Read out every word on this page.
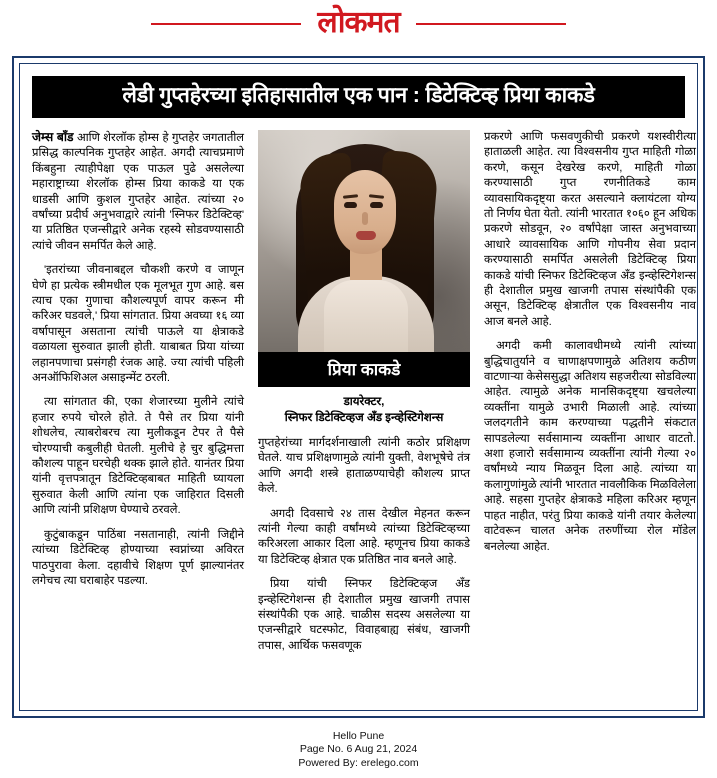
लोकमत
लेडी गुप्तहेरच्या इतिहासातील एक पान : डिटेक्टिव्ह प्रिया काकडे

जेम्स बाँड आणि शेरलॉक होम्स हे गुप्तहेर जगतातील प्रसिद्ध काल्पनिक गुप्तहेर आहेत. अगदी त्याचप्रमाणे किंबहुना त्याहीपेक्षा एक पाऊल पुढे असलेल्या महाराष्ट्राच्या शेरलॉक होम्स प्रिया काकडे या एक धाडसी आणि कुशल गुप्तहेर आहेत. त्यांच्या २० वर्षांच्या प्रदीर्घ अनुभवाद्वारे त्यांनी 'स्निफर डिटेक्टिव्ह' या प्रतिष्ठित एजन्सीद्वारे अनेक रहस्ये सोडवण्यासाठी त्यांचे जीवन समर्पित केले आहे.

'इतरांच्या जीवनाबद्दल चौकशी करणे व जाणून घेणे हा प्रत्येक स्त्रीमधील एक मूलभूत गुण आहे. बस त्याच एका गुणाचा कौशल्यपूर्ण वापर करून मी करिअर घडवले,' प्रिया सांगतात. प्रिया अवघ्या १६ व्या वर्षापासून असताना त्यांची पाऊले या क्षेत्राकडे वळायला सुरुवात झाली होती. याबाबत प्रिया यांच्या लहानपणाचा प्रसंगही रंजक आहे. ज्या त्यांची पहिली अनऑफिशिअल असाइन्मेंट ठरली.

त्या सांगतात की, एका शेजारच्या मुलीने त्यांचे हजार रुपये चोरले होते. ते पैसे तर प्रिया यांनी शोधलेच, त्याबरोबरच त्या मुलीकडून टेपर ते पैसे चोरण्याची कबुलीही घेतली. मुलीचे हे चुर बुद्धिमत्ता कौशल्य पाहून घरचेही थक्क झाले होते. यानंतर प्रिया यांनी वृत्तपत्रातून डिटेक्टिव्हबाबत माहिती घ्यायला सुरुवात केली आणि त्यांना एक जाहिरात दिसली आणि त्यांनी प्रशिक्षण घेण्याचे ठरवले.

कुटुंबाकडून पाठिंबा नसतानाही, त्यांनी जिद्दीने त्यांच्या डिटेक्टिव्ह होण्याच्या स्वप्नांच्या अविरत पाठपुरावा केला. दहावीचे शिक्षण पूर्ण झाल्यानंतर लगेचच त्या घराबाहेर पडल्या.

प्रिया काकडे
डायरेक्टर,
स्निफर डिटेक्टिव्हज अँड इन्व्हेस्टिगेशन्स

गुप्तहेरांच्या मार्गदर्शनाखाली त्यांनी कठोर प्रशिक्षण घेतले. याच प्रशिक्षणामुळे त्यांनी युक्ती, वेशभूषेचे तंत्र आणि अगदी शस्त्रे हाताळण्याचेही कौशल्य प्राप्त केले.

अगदी दिवसाचे २४ तास देखील मेहनत करून त्यांनी गेल्या काही वर्षांमध्ये त्यांच्या डिटेक्टिव्हच्या करिअरला आकार दिला आहे. म्हणूनच प्रिया काकडे या डिटेक्टिव्ह क्षेत्रात एक प्रतिष्ठित नाव बनले आहे.

प्रिया यांची स्निफर डिटेक्टिव्हज अँड इन्व्हेस्टिगेशन्स ही देशातील प्रमुख खाजगी तपास संस्थांपैकी एक आहे. चाळीस सदस्य असलेल्या या एजन्सीद्वारे घटस्फोट, विवाहबाह्य संबंध, खाजगी तपास, आर्थिक फसवणूक

प्रकरणे आणि फसवणुकीची प्रकरणे यशस्वीरीत्या हाताळली आहेत. त्या विश्वसनीय गुप्त माहिती गोळा करणे, कसून देखरेख करणे, माहिती गोळा करण्यासाठी गुप्त रणनीतिकडे काम व्यावसायिकदृष्ट्या करत असल्याने क्लायंटला योग्य तो निर्णय घेता येतो. त्यांनी भारतात १०६० हून अधिक प्रकरणे सोडवून, २० वर्षांपेक्षा जास्त अनुभवाच्या आधारे व्यावसायिक आणि गोपनीय सेवा प्रदान करण्यासाठी समर्पित असलेली डिटेक्टिव्ह प्रिया काकडे यांची स्निफर डिटेक्टिव्हज अँड इन्व्हेस्टिगेशन्स ही देशातील प्रमुख खाजगी तपास संस्थांपैकी एक असून, डिटेक्टिव्ह क्षेत्रातील एक विश्वसनीय नाव आज बनले आहे.

अगदी कमी कालावधीमध्ये त्यांनी त्यांच्या बुद्धिचातुर्याने व चाणाक्षपणामुळे अतिशय कठीण वाटणाऱ्या केसेससुद्धा अतिशय सहजरीत्या सोडविल्या आहेत. त्यामुळे अनेक मानसिकदृष्ट्या खचलेल्या व्यक्तींना यामुळे उभारी मिळाली आहे. त्यांच्या जलदगतीने काम करण्याच्या पद्धतीने संकटात सापडलेल्या सर्वसामान्य व्यक्तींना आधार वाटतो. अशा हजारो सर्वसामान्य व्यक्तींना त्यांनी गेल्या २० वर्षांमध्ये न्याय मिळवून दिला आहे. त्यांच्या या कलागुणांमुळे त्यांनी भारतात नावलौकिक मिळविलेला आहे. सहसा गुप्तहेर क्षेत्राकडे महिला करिअर म्हणून पाहत नाहीत, परंतु प्रिया काकडे यांनी तयार केलेल्या वाटेवरून चालत अनेक तरुणींच्या रोल मॉडेल बनलेल्या आहेत.

Hello Pune
Page No. 6 Aug 21, 2024
Powered By: erelego.com
